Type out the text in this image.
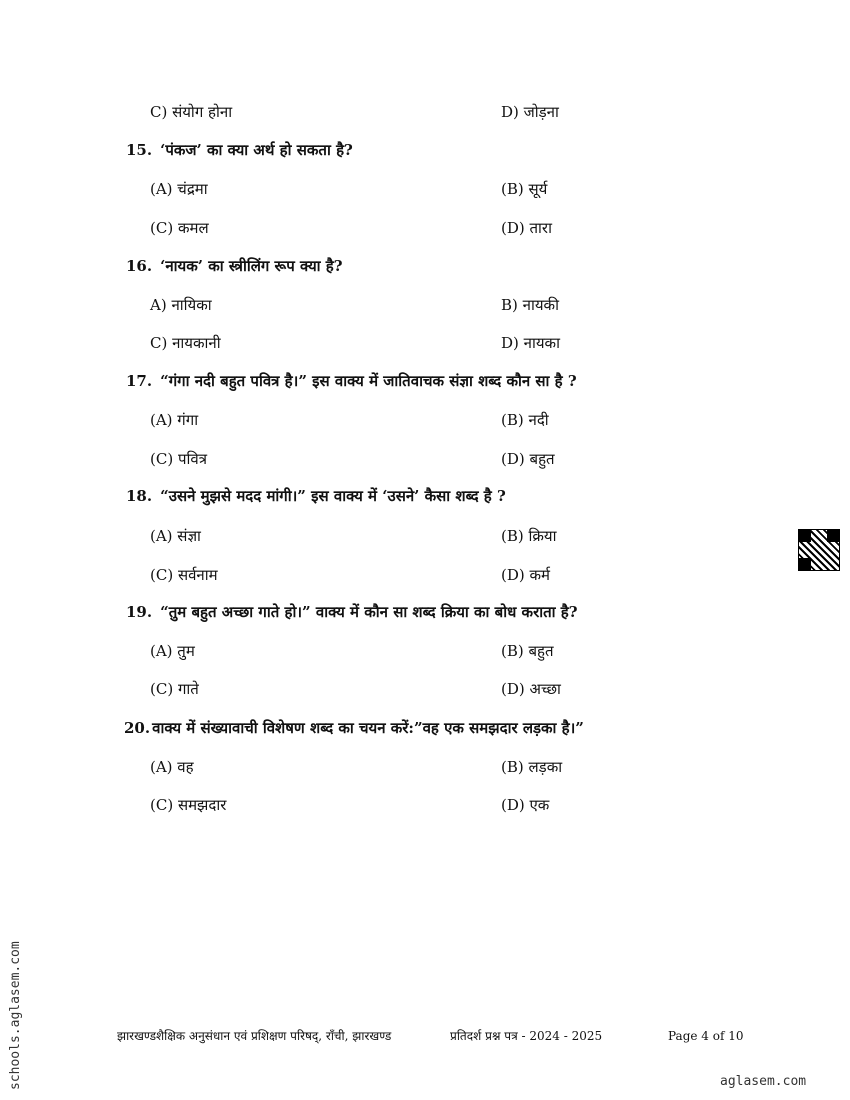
C) संयोग होना	D) जोड़ना
15. ‘पंकज’ का क्या अर्थ हो सकता है?
(A) चंद्रमा	(B) सूर्य
(C) कमल	(D) तारा
16. ‘नायक’ का स्त्रीलिंग रूप क्या है?
A) नायिका	B) नायकी
C) नायकानी	D) नायका
17. “गंगा नदी बहुत पवित्र है।” इस वाक्य में जातिवाचक संज्ञा शब्द कौन सा है ?
(A) गंगा	(B) नदी
(C) पवित्र	(D) बहुत
18. “उसने मुझसे मदद मांगी।” इस वाक्य में ‘उसने’ कैसा शब्द है ?
(A) संज्ञा	(B) क्रिया
(C) सर्वनाम	(D) कर्म
19. “तुम बहुत अच्छा गाते हो।” वाक्य में कौन सा शब्द क्रिया का बोध कराता है?
(A) तुम	(B) बहुत
(C) गाते	(D) अच्छा
20. वाक्य में संख्यावाची विशेषण शब्द का चयन करें:”वह एक समझदार लड़का है।”
(A) वह	(B) लड़का
(C) समझदार	(D) एक
झारखण्डशैक्षिक अनुसंधान एवं प्रशिक्षण परिषद्, राँची, झारखण्ड	प्रतिदर्श प्रश्न पत्र - 2024 - 2025	Page 4 of 10
schools.aglasem.com	aglasem.com
